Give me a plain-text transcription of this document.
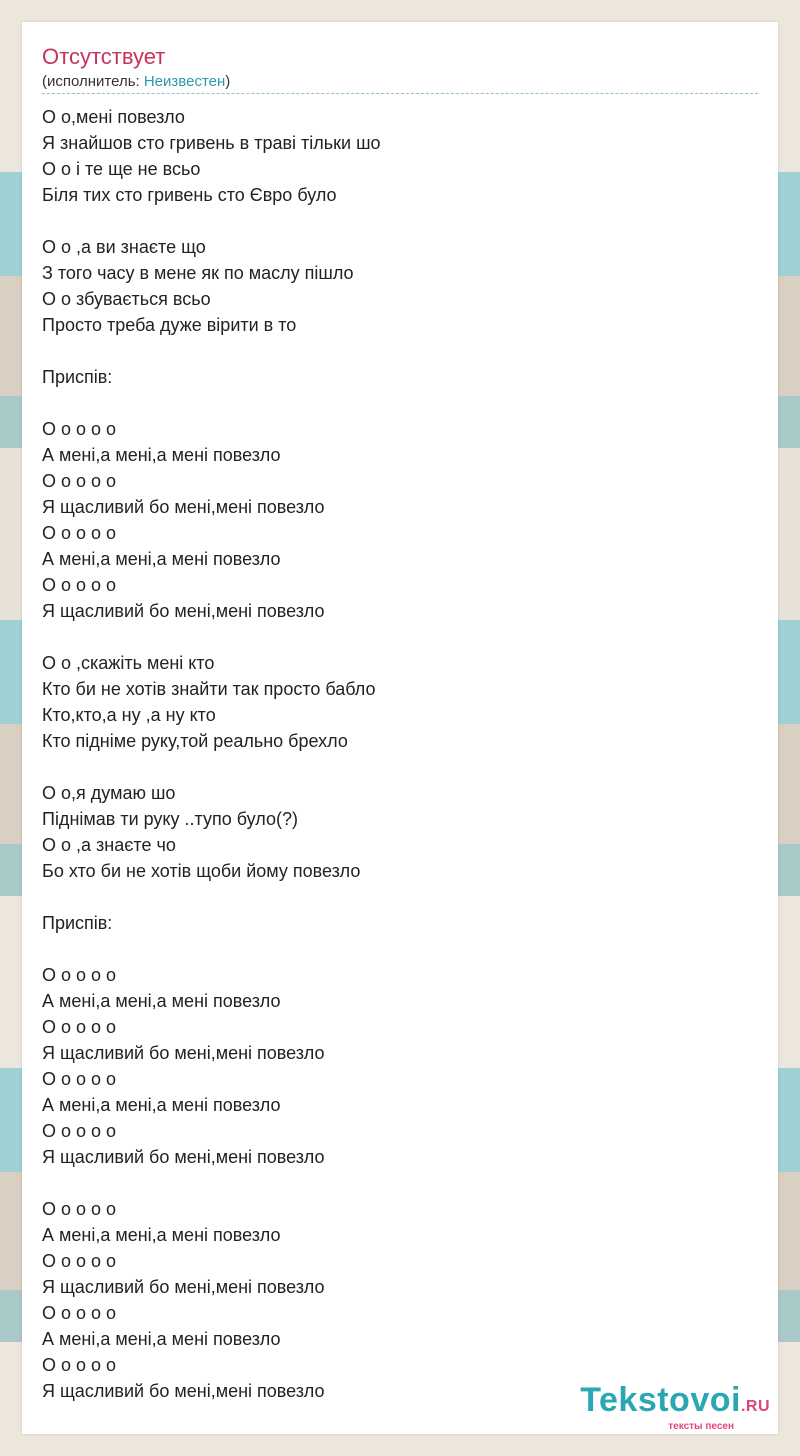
Отсутствует
(исполнитель: Неизвестен)
О о,мені повезло
Я знайшов сто гривень в траві тільки шо
О о і те ще не всьо
Біля тих сто гривень сто Євро було
О о ,а ви знаєте що
З того часу в мене як по маслу пішло
О о збувається всьо
Просто треба дуже вірити в то
Приспів:
О о о о о
А мені,а мені,а мені повезло
О о о о о
Я щасливий бо мені,мені повезло
О о о о о
А мені,а мені,а мені повезло
О о о о о
Я щасливий бо мені,мені повезло
О о ,скажіть мені кто
Кто би не хотів знайти так просто бабло
Кто,кто,а ну ,а ну кто
Кто підніме руку,той реально брехло
О о,я думаю шо
Піднімав ти руку ..тупо було(?)
О о ,а знаєте чо
Бо хто би не хотів щоби йому повезло
Приспів:
О о о о о
А мені,а мені,а мені повезло
О о о о о
Я щасливий бо мені,мені повезло
О о о о о
А мені,а мені,а мені повезло
О о о о о
Я щасливий бо мені,мені повезло
О о о о о
А мені,а мені,а мені повезло
О о о о о
Я щасливий бо мені,мені повезло
О о о о о
А мені,а мені,а мені повезло
О о о о о
Я щасливий бо мені,мені повезло	Tekstovoi.RU
тексты песен
